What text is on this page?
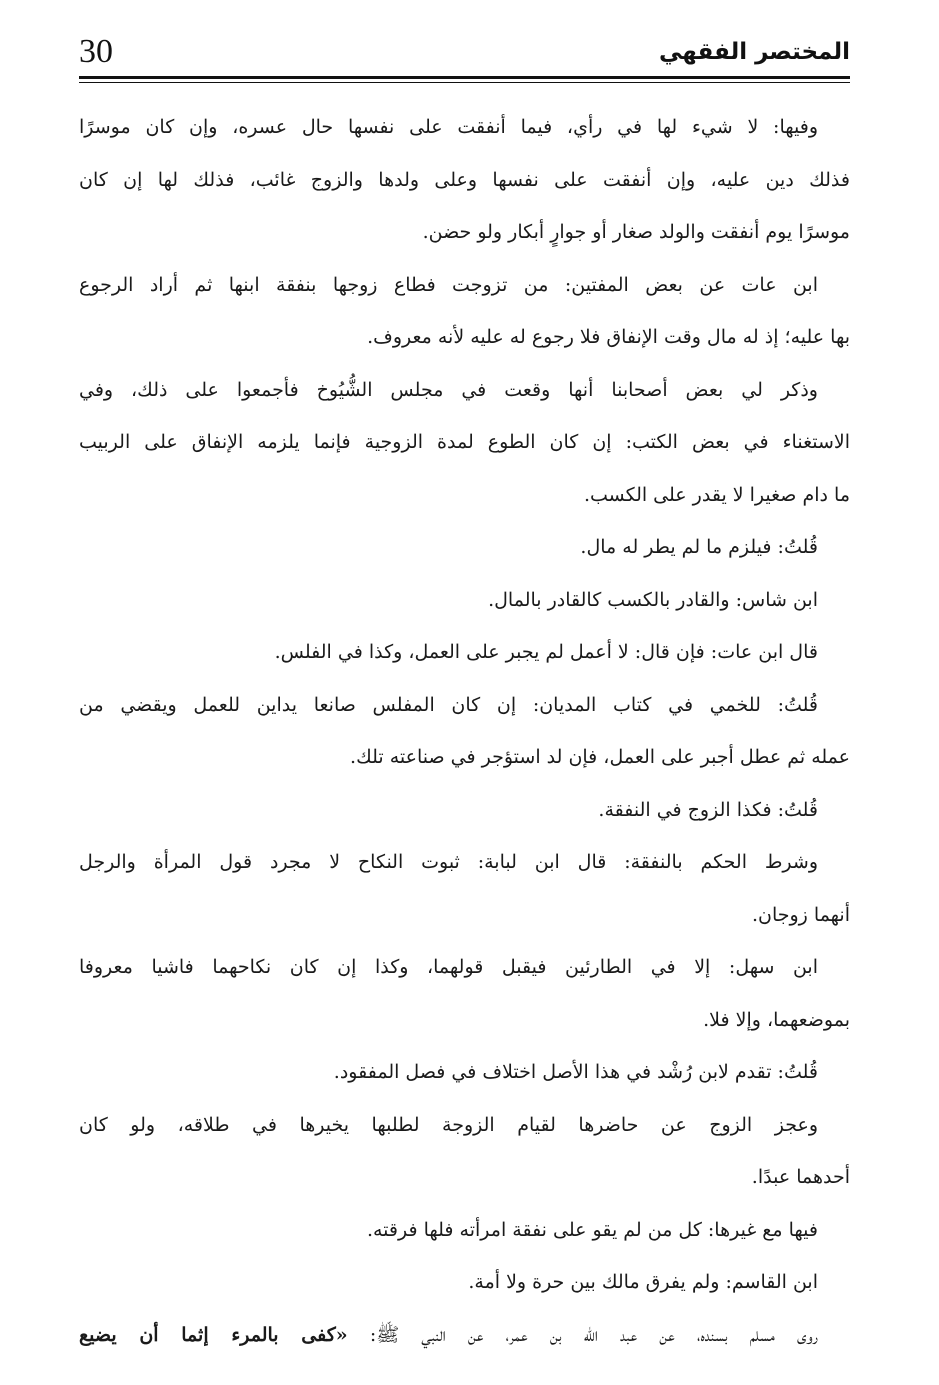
30	المختصر الفقهي
وفيها: لا شيء لها في رأي، فيما أنفقت على نفسها حال عسره، وإن كان موسرًا
فذلك دين عليه، وإن أنفقت على نفسها وعلى ولدها والزوج غائب، فذلك لها إن كان
موسرًا يوم أنفقت والولد صغار أو جوارٍ أبكار ولو حضن.
ابن عات عن بعض المفتين: من تزوجت فطاع زوجها بنفقة ابنها ثم أراد الرجوع
بها عليه؛ إذ له مال وقت الإنفاق فلا رجوع له عليه لأنه معروف.
وذكر لي بعض أصحابنا أنها وقعت في مجلس الشُّيُوخ فأجمعوا على ذلك، وفي
الاستغناء في بعض الكتب: إن كان الطوع لمدة الزوجية فإنما يلزمه الإنفاق على الربيب
ما دام صغيرا لا يقدر على الكسب.
قُلتُ: فيلزم ما لم يطر له مال.
ابن شاس: والقادر بالكسب كالقادر بالمال.
قال ابن عات: فإن قال: لا أعمل لم يجبر على العمل، وكذا في الفلس.
قُلتُ: للخمي في كتاب المديان: إن كان المفلس صانعا يداين للعمل ويقضي من
عمله ثم عطل أجبر على العمل، فإن لد استؤجر في صناعته تلك.
قُلتُ: فكذا الزوج في النفقة.
وشرط الحكم بالنفقة: قال ابن لبابة: ثبوت النكاح لا مجرد قول المرأة والرجل
أنهما زوجان.
ابن سهل: إلا في الطارئين فيقبل قولهما، وكذا إن كان نكاحهما فاشيا معروفا
بموضعهما، وإلا فلا.
قُلتُ: تقدم لابن رُشْد في هذا الأصل اختلاف في فصل المفقود.
وعجز الزوج عن حاضرها لقيام الزوجة لطلبها يخيرها في طلاقه، ولو كان
أحدهما عبدًا.
فيها مع غيرها: كل من لم يقو على نفقة امرأته فلها فرقته.
ابن القاسم: ولم يفرق مالك بين حرة ولا أمة.
روى مسلم بسنده، عن عبد الله بن عمر، عن النبي ﷺ: «كفى بالمرء إثما أن يضيع
